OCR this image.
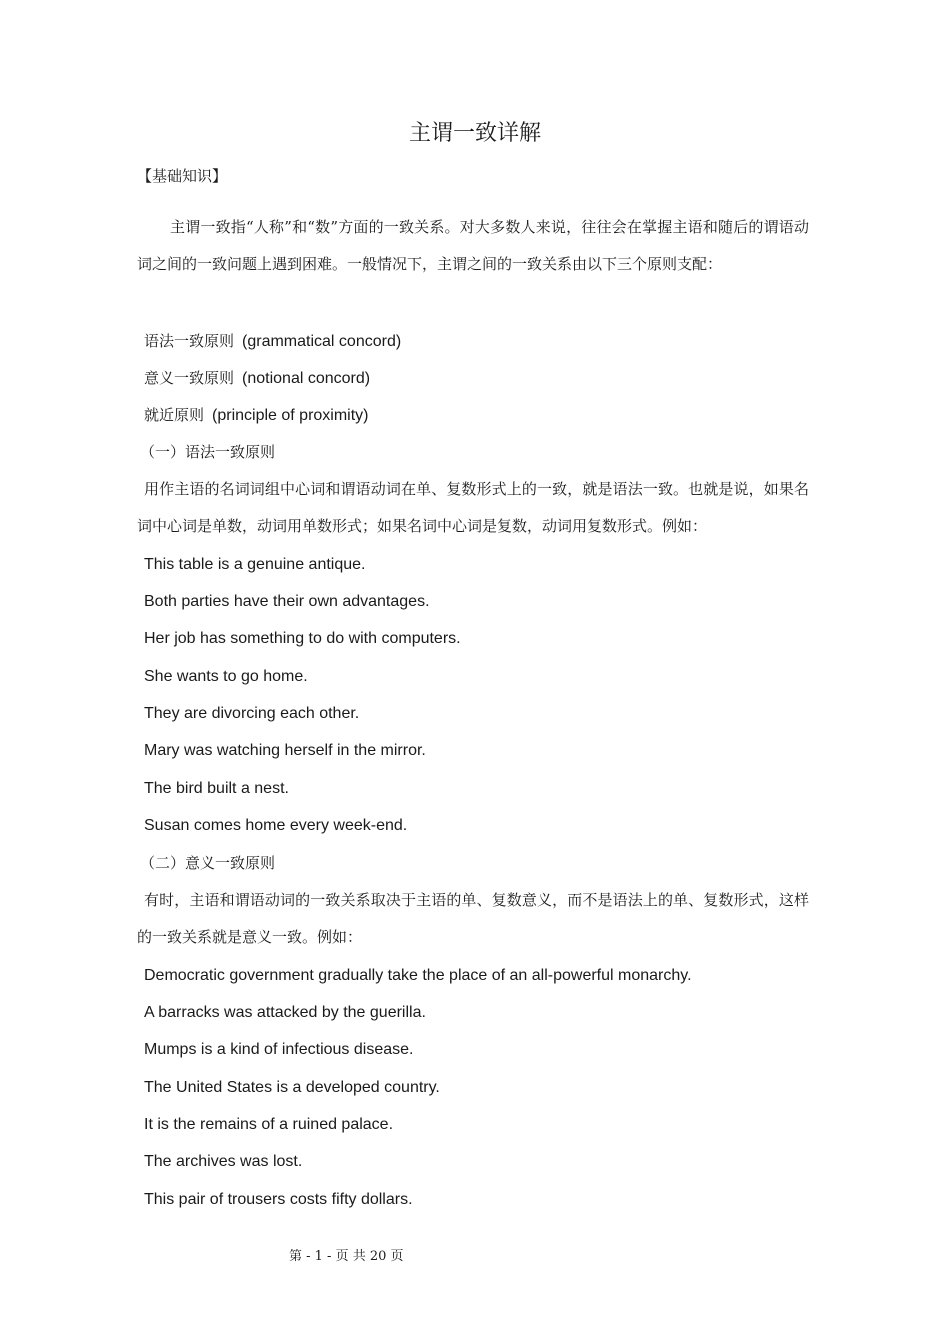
主谓一致详解
【基础知识】

主谓一致指“人称”和“数”方面的一致关系。对大多数人来说，往往会在掌握主语和随后的谓语动词之间的一致问题上遇到困难。一般情况下，主谓之间的一致关系由以下三个原则支配：

语法一致原则 (grammatical concord)
意义一致原则 (notional concord)
就近原则 (principle of proximity)
（一）语法一致原则

用作主语的名词词组中心词和谓语动词在单、复数形式上的一致，就是语法一致。也就是说，如果名词中心词是单数，动词用单数形式；如果名词中心词是复数，动词用复数形式。例如：

This table is a genuine antique.
Both parties have their own advantages.
Her job has something to do with computers.
She wants to go home.
They are divorcing each other.
Mary was watching herself in the mirror.
The bird built a nest.
Susan comes home every week-end.
（二）意义一致原则

有时，主语和谓语动词的一致关系取决于主语的单、复数意义，而不是语法上的单、复数形式，这样的一致关系就是意义一致。例如：

Democratic government gradually take the place of an all-powerful monarchy.
A barracks was attacked by the guerilla.
Mumps is a kind of infectious disease.
The United States is a developed country.
It is the remains of a ruined palace.
The archives was lost.
This pair of trousers costs fifty dollars.
第 - 1 - 页 共 20 页
